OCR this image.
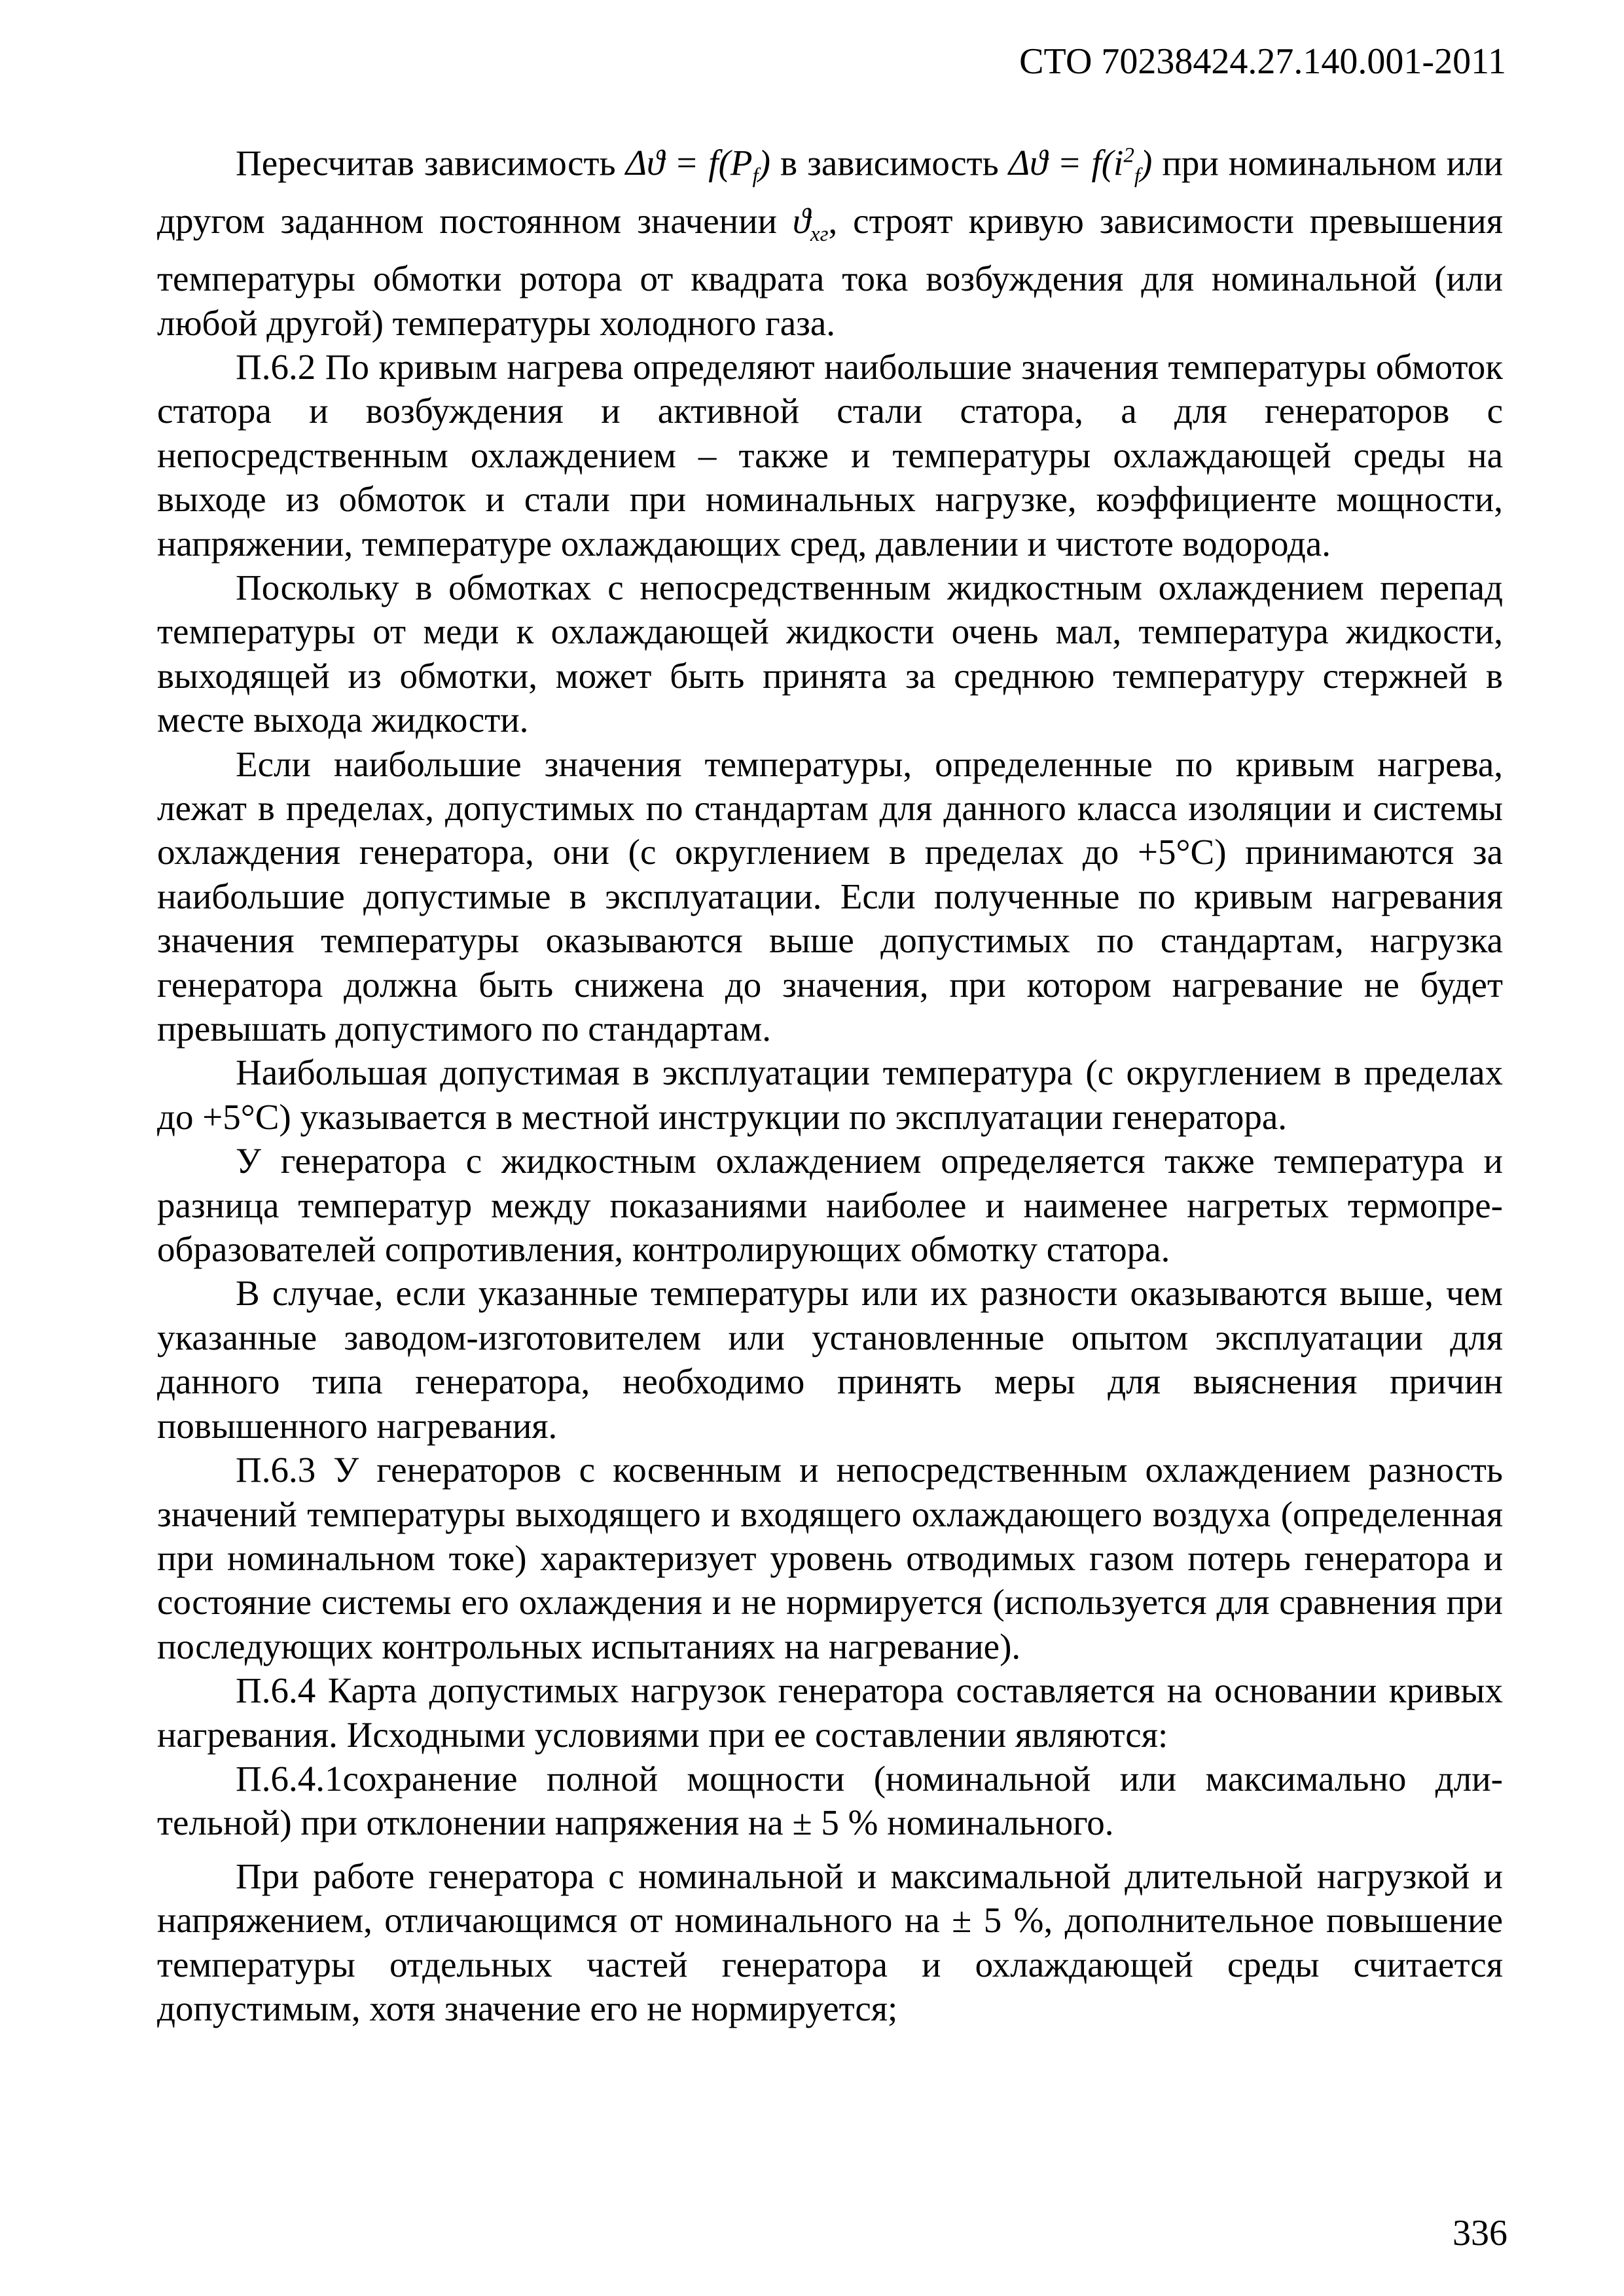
СТО 70238424.27.140.001-2011

Пересчитав зависимость $\Delta ϑ = f(P_f)$ в зависимость $\Delta ϑ = f(i^2_f)$ при номинальном или другом заданном постоянном значении $ϑ_{хг}$, строят кривую зависимости превышения температуры обмотки ротора от квадрата тока возбуждения для номинальной (или любой другой) температуры холодного газа.

П.6.2 По кривым нагрева определяют наибольшие значения температуры обмоток статора и возбуждения и активной стали статора, а для генераторов с непосредственным охлаждением – также и температуры охлаждающей среды на выходе из обмоток и стали при номинальных нагрузке, коэффициенте мощности, напряжении, температуре охлаждающих сред, давлении и чистоте водорода.

Поскольку в обмотках с непосредственным жидкостным охлаждением перепад температуры от меди к охлаждающей жидкости очень мал, температура жидкости, выходящей из обмотки, может быть принята за среднюю температуру стержней в месте выхода жидкости.

Если наибольшие значения температуры, определенные по кривым нагрева, лежат в пределах, допустимых по стандартам для данного класса изоляции и системы охлаждения генератора, они (с округлением в пределах до +5°С) принимаются за наибольшие допустимые в эксплуатации. Если полученные по кривым нагревания значения температуры оказываются выше допустимых по стандартам, нагрузка генератора должна быть снижена до значения, при котором нагревание не будет превышать допустимого по стандартам.

Наибольшая допустимая в эксплуатации температура (с округлением в пределах до +5°С) указывается в местной инструкции по эксплуатации генератора.

У генератора с жидкостным охлаждением определяется также температура и разница температур между показаниями наиболее и наименее нагретых термопреобразователей сопротивления, контролирующих обмотку статора.

В случае, если указанные температуры или их разности оказываются выше, чем указанные заводом-изготовителем или установленные опытом эксплуатации для данного типа генератора, необходимо принять меры для выяснения причин повышенного нагревания.

П.6.3 У генераторов с косвенным и непосредственным охлаждением разность значений температуры выходящего и входящего охлаждающего воздуха (определенная при номинальном токе) характеризует уровень отводимых газом потерь генератора и состояние системы его охлаждения и не нормируется (используется для сравнения при последующих контрольных испытаниях на нагревание).

П.6.4 Карта допустимых нагрузок генератора составляется на основании кривых нагревания. Исходными условиями при ее составлении являются:

П.6.4.1сохранение полной мощности (номинальной или максимально длительной) при отклонении напряжения на ± 5 % номинального.

При работе генератора с номинальной и максимальной длительной нагрузкой и напряжением, отличающимся от номинального на ± 5 %, дополнительное повышение температуры отдельных частей генератора и охлаждающей среды считается допустимым, хотя значение его не нормируется;

336
